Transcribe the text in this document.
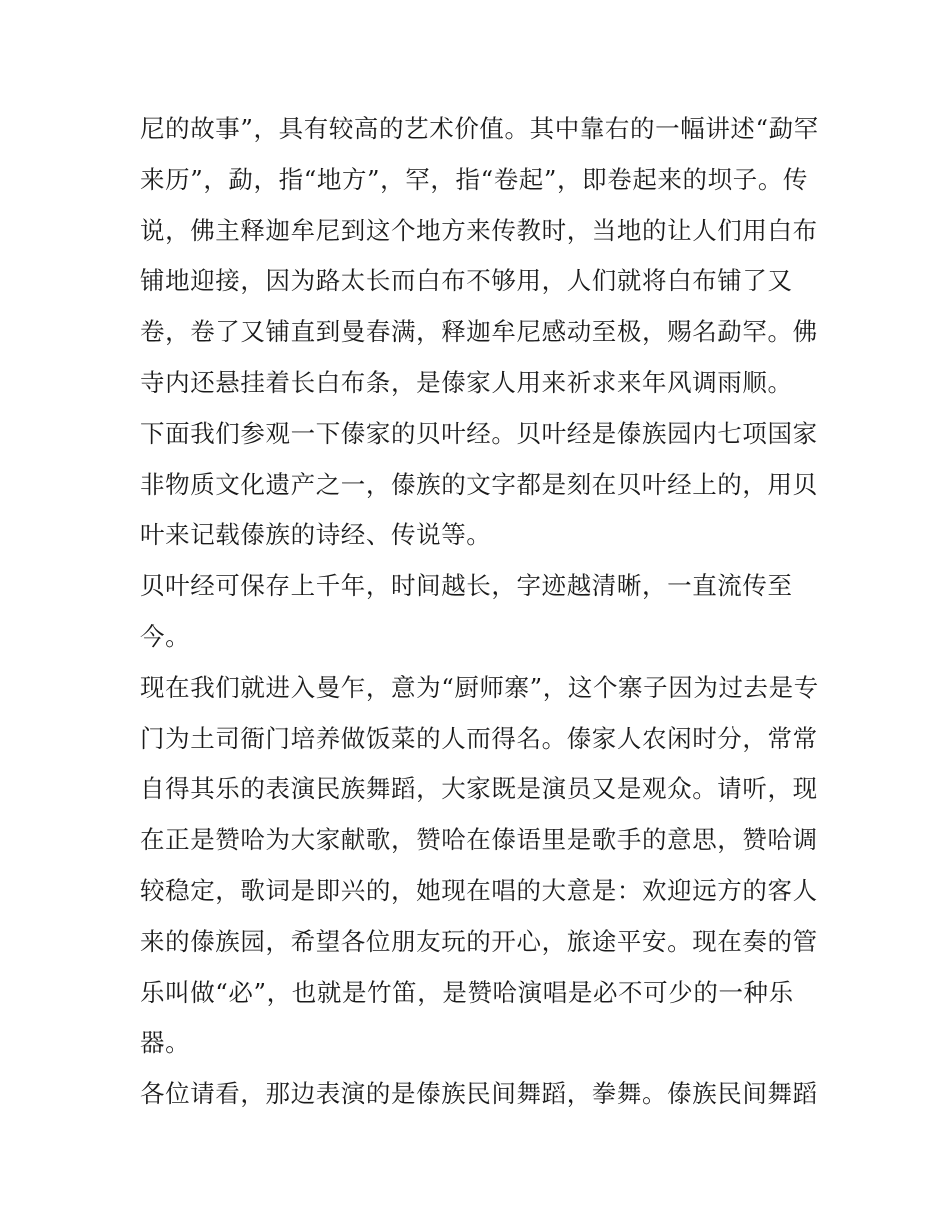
尼的故事”，具有较高的艺术价值。其中靠右的一幅讲述“勐罕
来历”，勐，指“地方”，罕，指“卷起”，即卷起来的坝子。传
说，佛主释迦牟尼到这个地方来传教时，当地的让人们用白布
铺地迎接，因为路太长而白布不够用，人们就将白布铺了又
卷，卷了又铺直到曼春满，释迦牟尼感动至极，赐名勐罕。佛
寺内还悬挂着长白布条，是傣家人用来祈求来年风调雨顺。
下面我们参观一下傣家的贝叶经。贝叶经是傣族园内七项国家
非物质文化遗产之一，傣族的文字都是刻在贝叶经上的，用贝
叶来记载傣族的诗经、传说等。
贝叶经可保存上千年，时间越长，字迹越清晰，一直流传至
今。
现在我们就进入曼乍，意为“厨师寨”，这个寨子因为过去是专
门为土司衙门培养做饭菜的人而得名。傣家人农闲时分，常常
自得其乐的表演民族舞蹈，大家既是演员又是观众。请听，现
在正是赞哈为大家献歌，赞哈在傣语里是歌手的意思，赞哈调
较稳定，歌词是即兴的，她现在唱的大意是：欢迎远方的客人
来的傣族园，希望各位朋友玩的开心，旅途平安。现在奏的管
乐叫做“必”，也就是竹笛，是赞哈演唱是必不可少的一种乐
器。
各位请看，那边表演的是傣族民间舞蹈，拳舞。傣族民间舞蹈
